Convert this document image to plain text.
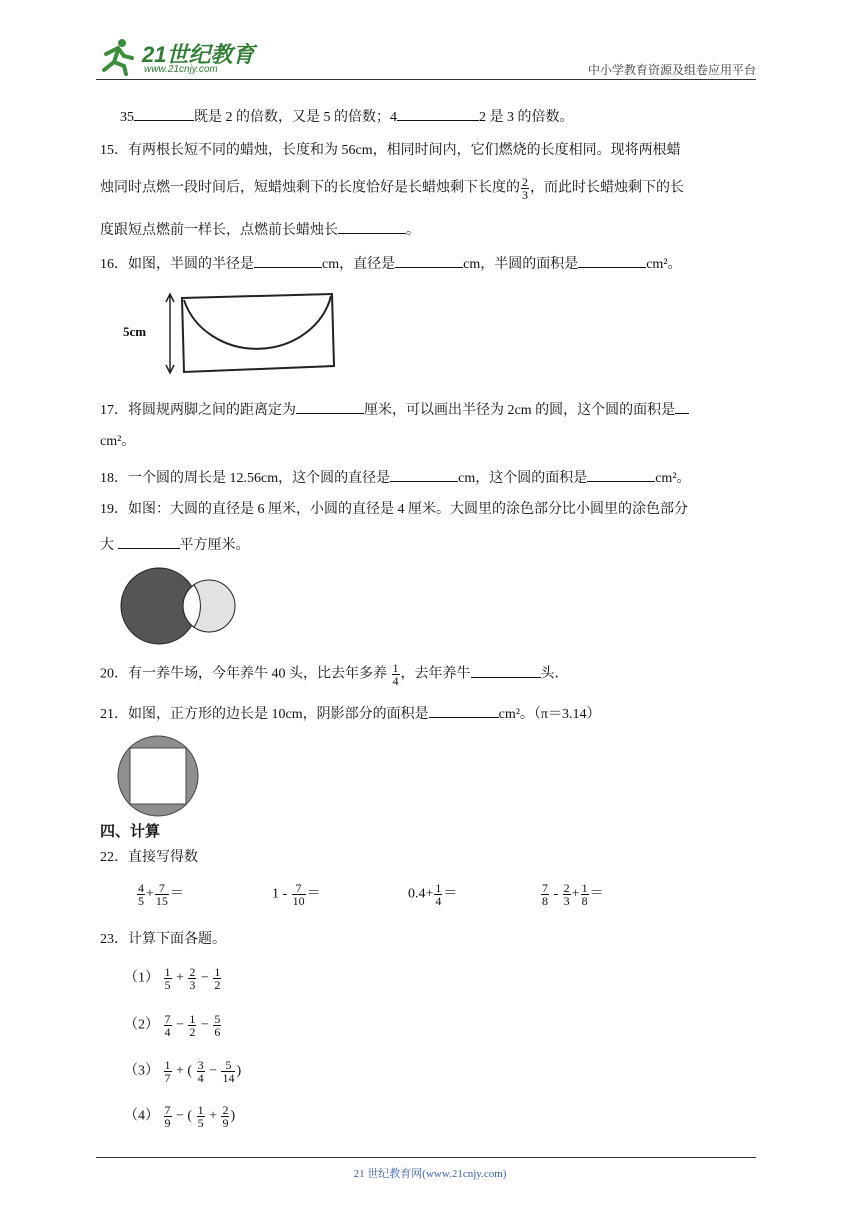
21世纪教育
www.21cnjy.com	中小学教育资源及组卷应用平台
35	既是 2 的倍数，又是 5 的倍数；4	2 是 3 的倍数。
15．有两根长短不同的蜡烛，长度和为 56cm，相同时间内，它们燃烧的长度相同。现将两根蜡
烛同时点燃一段时间后，短蜡烛剩下的长度恰好是长蜡烛剩下长度的 $\frac{2}{3}$ ，而此时长蜡烛剩下的长
度跟短点燃前一样长，点燃前长蜡烛长	。
16．如图，半圆的半径是	cm，直径是	cm，半圆的面积是	cm²。
5cm
17．将圆规两脚之间的距离定为	厘米，可以画出半径为 2cm 的圆，这个圆的面积是
cm²。
18．一个圆的周长是 12.56cm，这个圆的直径是	cm，这个圆的面积是	cm²。
19．如图：大圆的直径是 6 厘米，小圆的直径是 4 厘米。大圆里的涂色部分比小圆里的涂色部分
大	平方厘米。
20．有一养牛场，今年养牛 40 头，比去年多养 $\frac{1}{4}$ ，去年养牛	头．
21．如图，正方形的边长是 10cm，阴影部分的面积是	cm²。（π＝3.14）
四、计算
22．直接写得数
$\frac{4}{5} + \frac{7}{15}$ ＝	$1 - \frac{7}{10}$ ＝	$0.4+ \frac{1}{4}$ ＝	$\frac{7}{8} - \frac{2}{3} + \frac{1}{8}$ ＝
23．计算下面各题。
$(1) \frac{1}{5} + \frac{2}{3} - \frac{1}{2}$
$(2) \frac{7}{4} - \frac{1}{2} - \frac{5}{6}$
$(3) \frac{1}{7}$ + ( $\frac{3}{4} - \frac{5}{14}$ )
$(4) \frac{7}{9}$ − ( $\frac{1}{5} + \frac{2}{9}$ )
21 世纪教育网(www.21cnjy.com)
